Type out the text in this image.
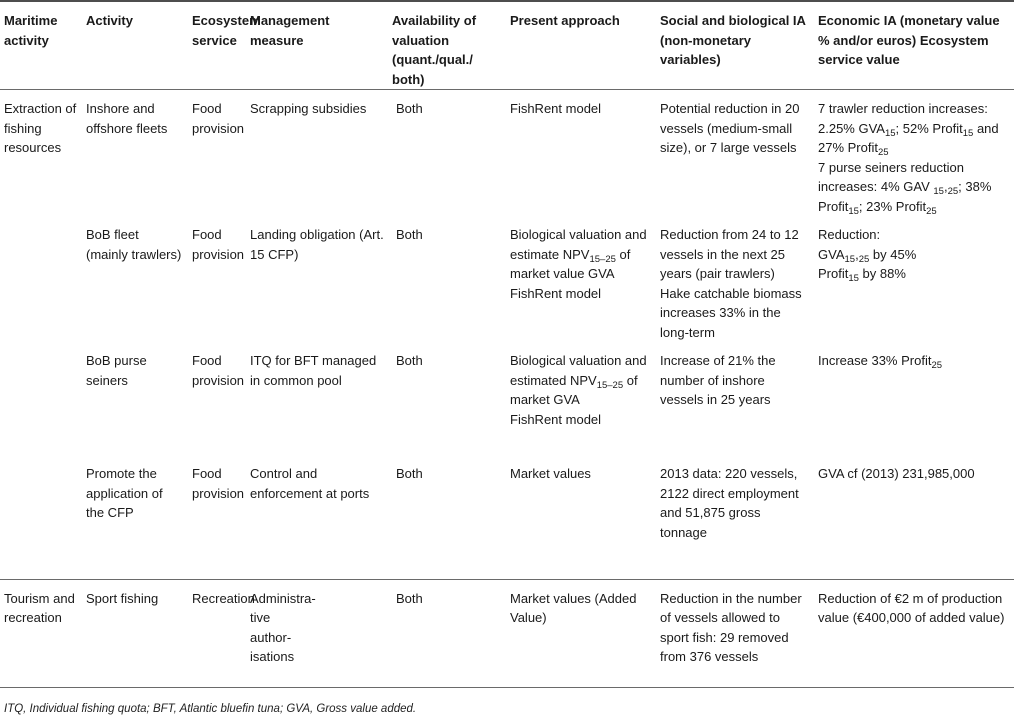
Maritime activity	Activity	Ecosystem service	Management measure	Availability of valuation (quant./qual./ both)	Present approach	Social and biological IA (non-monetary variables)	Economic IA (monetary value % and/or euros) Ecosystem service value
Extraction of fishing resources	Inshore and offshore fleets	Food provision	Scrapping subsidies	Both	FishRent model	Potential reduction in 20 vessels (medium-small size), or 7 large vessels	7 trawler reduction increases: 2.25% $GVA_{15}$; 52% Profit$_{15}$ and 27% Profit$_{25}$
7 purse seiners reduction increases: 4% GAV $_{15},_{25}$; 38% Profit$_{15}$; 23% Profit$_{25}$
	BoB fleet (mainly trawlers)	Food provision	Landing obligation (Art. 15 CFP)	Both	Biological valuation and estimate $NPV_{15-25}$ of market value GVA
FishRent model	Reduction from 24 to 12 vessels in the next 25 years (pair trawlers)
Hake catchable biomass increases 33% in the long-term	Reduction:
$GVA_{15},_{25}$ by 45%
Profit$_{15}$ by 88%
	BoB purse seiners	Food provision	ITQ for BFT managed in common pool	Both	Biological valuation and estimated $NPV_{15-25}$ of market GVA
FishRent model	Increase of 21% the number of inshore vessels in 25 years	Increase 33% Profit$_{25}$
	Promote the application of the CFP	Food provision	Control and enforcement at ports	Both	Market values	2013 data: 220 vessels, 2122 direct employment and 51,875 gross tonnage	GVA cf (2013) 231,985,000
Tourism and recreation	Sport fishing	Recreation	Administra-
tive
author-
isations	Both	Market values (Added Value)	Reduction in the number of vessels allowed to sport fish: 29 removed from 376 vessels	Reduction of €2 m of production value (€400,000 of added value)
ITQ, Individual fishing quota; BFT, Atlantic bluefin tuna; GVA, Gross value added.
